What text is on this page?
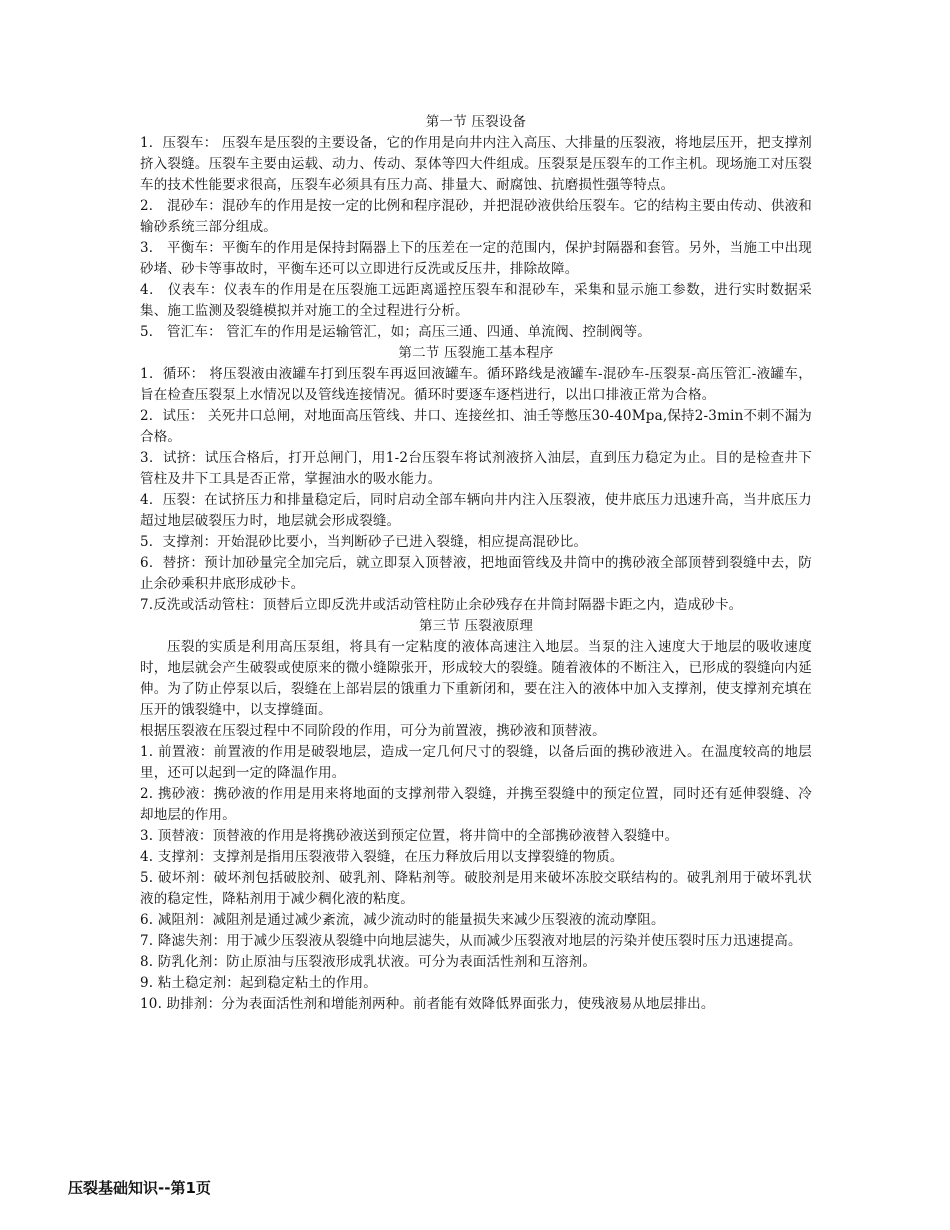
第一节 压裂设备

1．压裂车： 压裂车是压裂的主要设备，它的作用是向井内注入高压、大排量的压裂液，将地层压开，把支撑剂挤入裂缝。压裂车主要由运载、动力、传动、泵体等四大件组成。压裂泵是压裂车的工作主机。现场施工对压裂车的技术性能要求很高，压裂车必须具有压力高、排量大、耐腐蚀、抗磨损性强等特点。

2． 混砂车：混砂车的作用是按一定的比例和程序混砂，并把混砂液供给压裂车。它的结构主要由传动、供液和输砂系统三部分组成。

3． 平衡车：平衡车的作用是保持封隔器上下的压差在一定的范围内，保护封隔器和套管。另外，当施工中出现砂堵、砂卡等事故时，平衡车还可以立即进行反洗或反压井，排除故障。

4． 仪表车：仪表车的作用是在压裂施工远距离遥控压裂车和混砂车，采集和显示施工参数，进行实时数据采集、施工监测及裂缝模拟并对施工的全过程进行分析。

5． 管汇车： 管汇车的作用是运输管汇，如；高压三通、四通、单流阀、控制阀等。

第二节 压裂施工基本程序

1．循环： 将压裂液由液罐车打到压裂车再返回液罐车。循环路线是液罐车-混砂车-压裂泵-高压管汇-液罐车，旨在检查压裂泵上水情况以及管线连接情况。循环时要逐车逐档进行，以出口排液正常为合格。

2．试压： 关死井口总闸，对地面高压管线、井口、连接丝扣、油壬等憋压30-40Mpa,保持2-3min不刺不漏为合格。

3．试挤：试压合格后，打开总闸门，用1-2台压裂车将试剂液挤入油层，直到压力稳定为止。目的是检查井下管柱及井下工具是否正常，掌握油水的吸水能力。

4．压裂：在试挤压力和排量稳定后，同时启动全部车辆向井内注入压裂液，使井底压力迅速升高，当井底压力超过地层破裂压力时，地层就会形成裂缝。

5．支撑剂：开始混砂比要小，当判断砂子已进入裂缝，相应提高混砂比。

6．替挤：预计加砂量完全加完后，就立即泵入顶替液，把地面管线及井筒中的携砂液全部顶替到裂缝中去，防止余砂乘积井底形成砂卡。

7.反洗或活动管柱：顶替后立即反洗井或活动管柱防止余砂残存在井筒封隔器卡距之内，造成砂卡。

第三节 压裂液原理

压裂的实质是利用高压泵组，将具有一定粘度的液体高速注入地层。当泵的注入速度大于地层的吸收速度时，地层就会产生破裂或使原来的微小缝隙张开，形成较大的裂缝。随着液体的不断注入，已形成的裂缝向内延伸。为了防止停泵以后，裂缝在上部岩层的饿重力下重新闭和，要在注入的液体中加入支撑剂，使支撑剂充填在压开的饿裂缝中，以支撑缝面。

根据压裂液在压裂过程中不同阶段的作用，可分为前置液，携砂液和顶替液。

1. 前置液：前置液的作用是破裂地层，造成一定几何尺寸的裂缝，以备后面的携砂液进入。在温度较高的地层里，还可以起到一定的降温作用。

2. 携砂液：携砂液的作用是用来将地面的支撑剂带入裂缝，并携至裂缝中的预定位置，同时还有延伸裂缝、冷却地层的作用。

3. 顶替液：顶替液的作用是将携砂液送到预定位置，将井筒中的全部携砂液替入裂缝中。

4. 支撑剂：支撑剂是指用压裂液带入裂缝，在压力释放后用以支撑裂缝的物质。

5. 破坏剂：破坏剂包括破胶剂、破乳剂、降粘剂等。破胶剂是用来破坏冻胶交联结构的。破乳剂用于破坏乳状液的稳定性，降粘剂用于减少稠化液的粘度。

6. 减阻剂：减阻剂是通过减少紊流，减少流动时的能量损失来减少压裂液的流动摩阻。

7. 降滤失剂：用于减少压裂液从裂缝中向地层滤失，从而减少压裂液对地层的污染并使压裂时压力迅速提高。

8. 防乳化剂：防止原油与压裂液形成乳状液。可分为表面活性剂和互溶剂。

9. 粘土稳定剂：起到稳定粘土的作用。

10. 助排剂：分为表面活性剂和增能剂两种。前者能有效降低界面张力，使残液易从地层排出。

压裂基础知识--第1页
